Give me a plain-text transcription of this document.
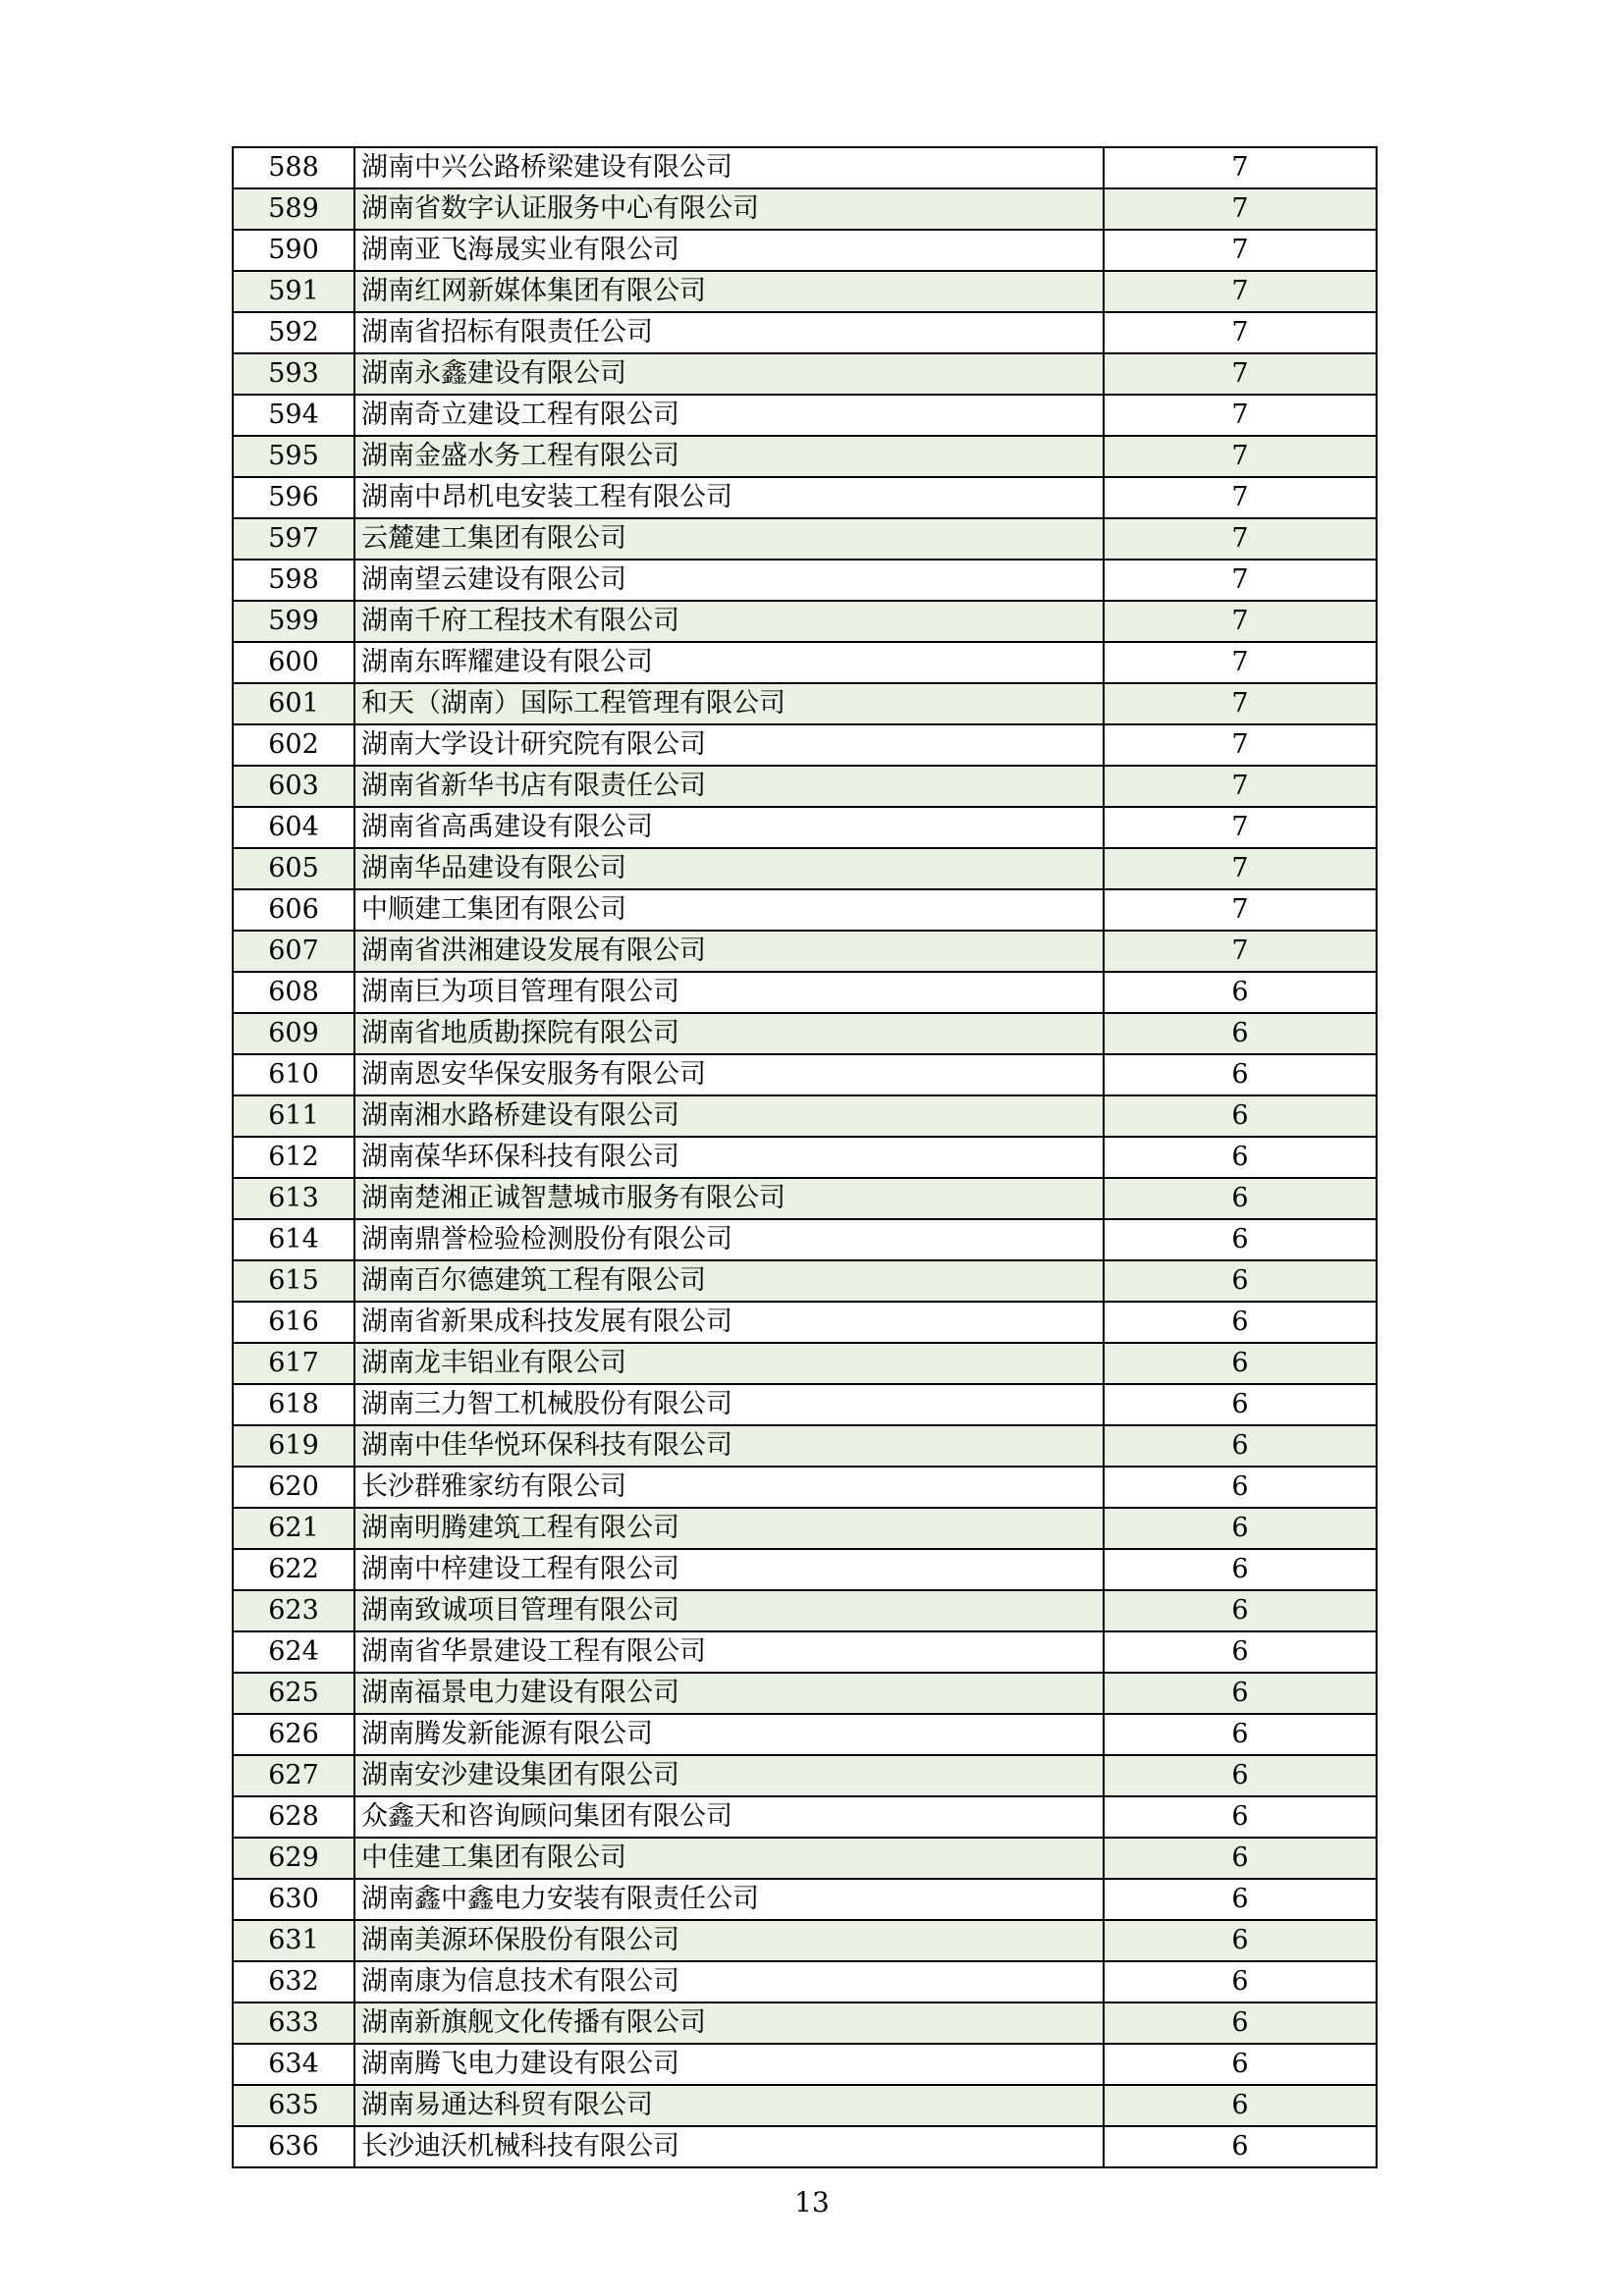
588	湖南中兴公路桥梁建设有限公司	7
589	湖南省数字认证服务中心有限公司	7
590	湖南亚飞海晟实业有限公司	7
591	湖南红网新媒体集团有限公司	7
592	湖南省招标有限责任公司	7
593	湖南永鑫建设有限公司	7
594	湖南奇立建设工程有限公司	7
595	湖南金盛水务工程有限公司	7
596	湖南中昂机电安装工程有限公司	7
597	云麓建工集团有限公司	7
598	湖南望云建设有限公司	7
599	湖南千府工程技术有限公司	7
600	湖南东晖耀建设有限公司	7
601	和天（湖南）国际工程管理有限公司	7
602	湖南大学设计研究院有限公司	7
603	湖南省新华书店有限责任公司	7
604	湖南省高禹建设有限公司	7
605	湖南华品建设有限公司	7
606	中顺建工集团有限公司	7
607	湖南省洪湘建设发展有限公司	7
608	湖南巨为项目管理有限公司	6
609	湖南省地质勘探院有限公司	6
610	湖南恩安华保安服务有限公司	6
611	湖南湘水路桥建设有限公司	6
612	湖南葆华环保科技有限公司	6
613	湖南楚湘正诚智慧城市服务有限公司	6
614	湖南鼎誉检验检测股份有限公司	6
615	湖南百尔德建筑工程有限公司	6
616	湖南省新果成科技发展有限公司	6
617	湖南龙丰铝业有限公司	6
618	湖南三力智工机械股份有限公司	6
619	湖南中佳华悦环保科技有限公司	6
620	长沙群雅家纺有限公司	6
621	湖南明腾建筑工程有限公司	6
622	湖南中梓建设工程有限公司	6
623	湖南致诚项目管理有限公司	6
624	湖南省华景建设工程有限公司	6
625	湖南福景电力建设有限公司	6
626	湖南腾发新能源有限公司	6
627	湖南安沙建设集团有限公司	6
628	众鑫天和咨询顾问集团有限公司	6
629	中佳建工集团有限公司	6
630	湖南鑫中鑫电力安装有限责任公司	6
631	湖南美源环保股份有限公司	6
632	湖南康为信息技术有限公司	6
633	湖南新旗舰文化传播有限公司	6
634	湖南腾飞电力建设有限公司	6
635	湖南易通达科贸有限公司	6
636	长沙迪沃机械科技有限公司	6
13
